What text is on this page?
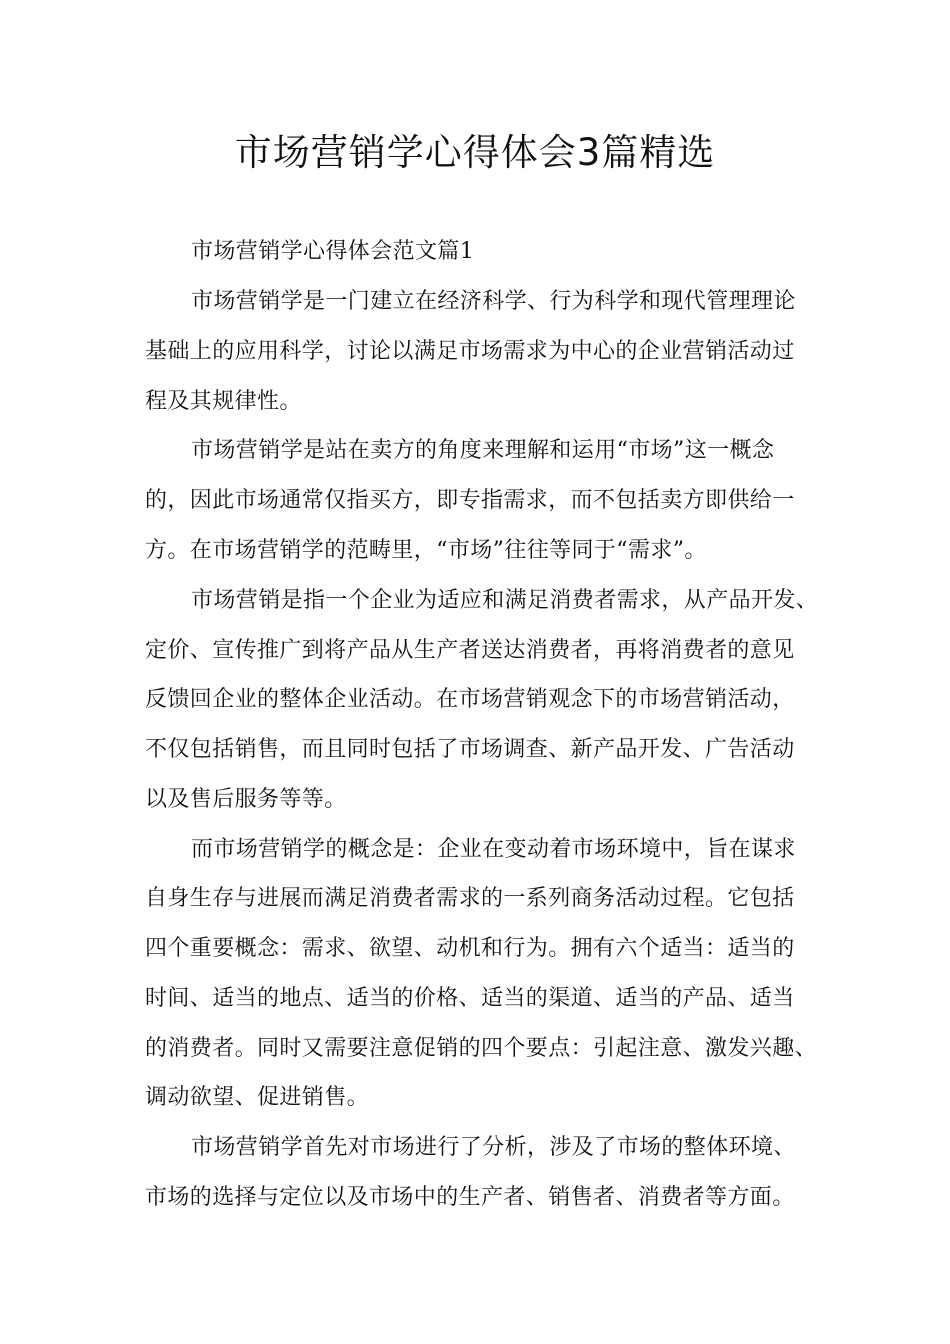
市场营销学心得体会3篇精选
市场营销学心得体会范文篇1
市场营销学是一门建立在经济科学、行为科学和现代管理理论
基础上的应用科学，讨论以满足市场需求为中心的企业营销活动过
程及其规律性。
市场营销学是站在卖方的角度来理解和运用“市场”这一概念
的，因此市场通常仅指买方，即专指需求，而不包括卖方即供给一
方。在市场营销学的范畴里，“市场”往往等同于“需求”。
市场营销是指一个企业为适应和满足消费者需求，从产品开发、
定价、宣传推广到将产品从生产者送达消费者，再将消费者的意见
反馈回企业的整体企业活动。在市场营销观念下的市场营销活动，
不仅包括销售，而且同时包括了市场调查、新产品开发、广告活动
以及售后服务等等。
而市场营销学的概念是：企业在变动着市场环境中，旨在谋求
自身生存与进展而满足消费者需求的一系列商务活动过程。它包括
四个重要概念：需求、欲望、动机和行为。拥有六个适当：适当的
时间、适当的地点、适当的价格、适当的渠道、适当的产品、适当
的消费者。同时又需要注意促销的四个要点：引起注意、激发兴趣、
调动欲望、促进销售。
市场营销学首先对市场进行了分析，涉及了市场的整体环境、
市场的选择与定位以及市场中的生产者、销售者、消费者等方面。
